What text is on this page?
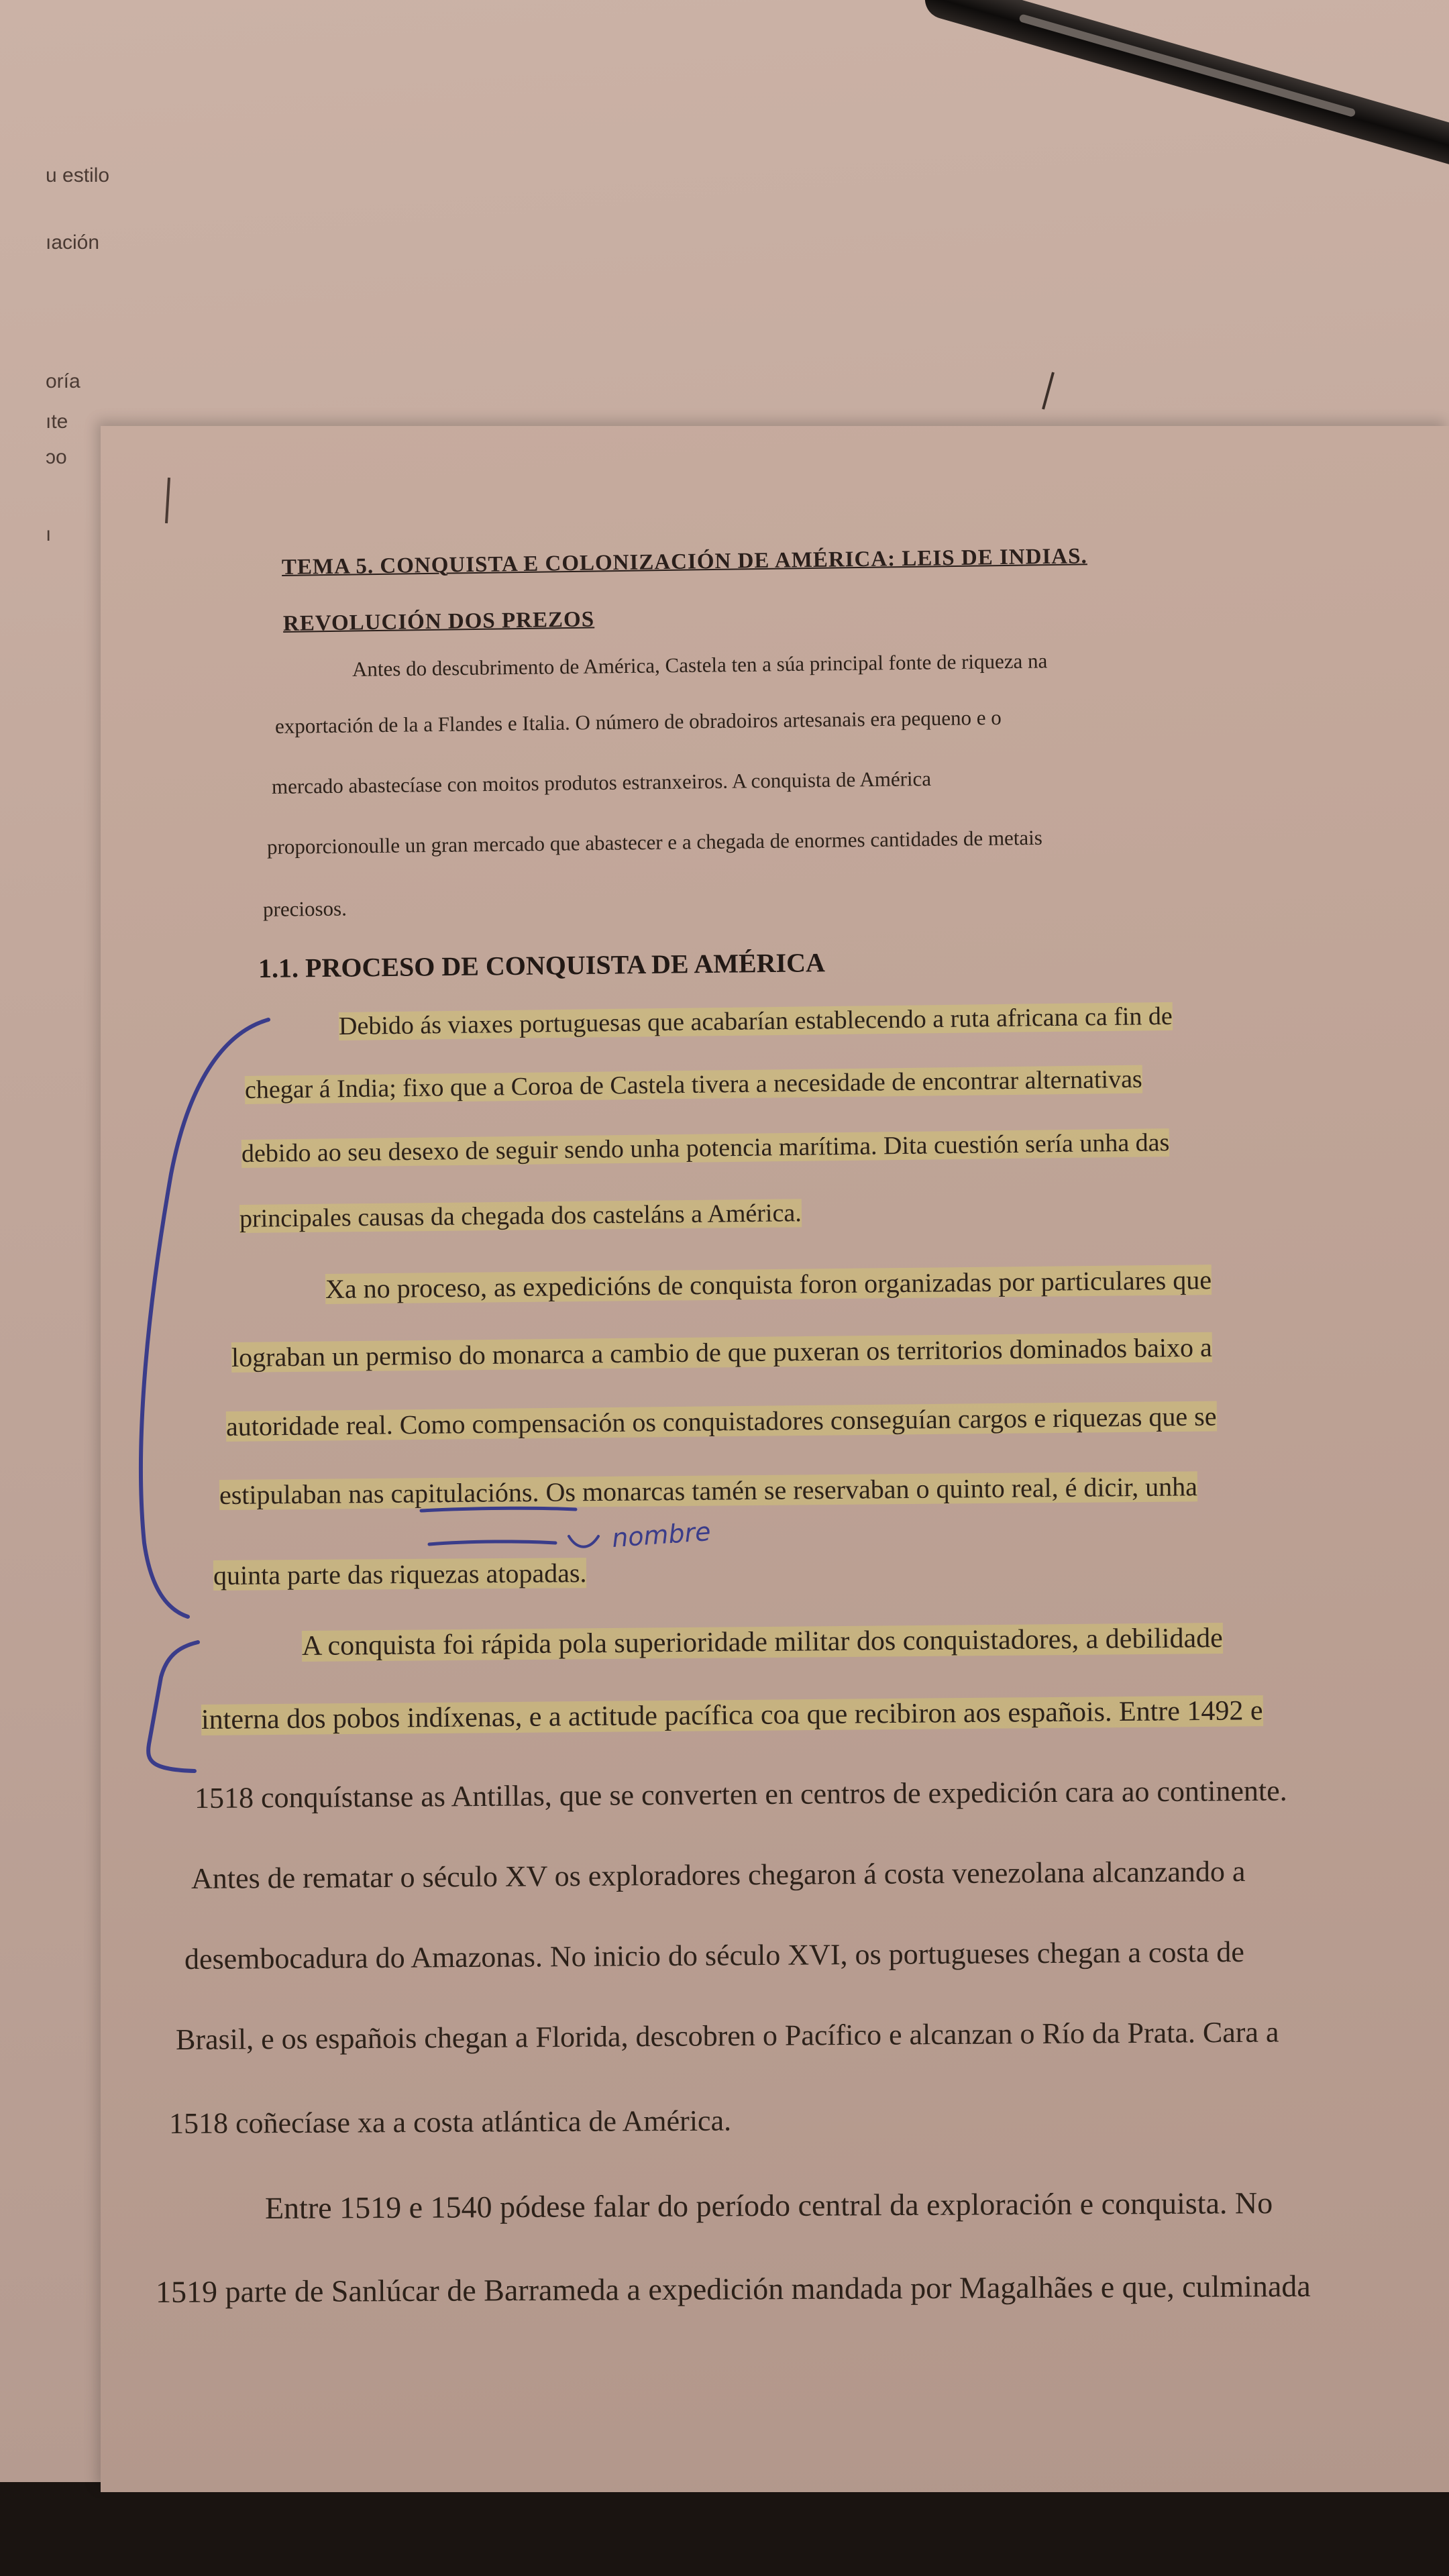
u estilo
ıación
oría
ıte
ɔo
ı
TEMA 5. CONQUISTA E COLONIZACIÓN DE AMÉRICA: LEIS DE INDIAS.
REVOLUCIÓN DOS PREZOS
Antes do descubrimento de América, Castela ten a súa principal fonte de riqueza na
exportación de la a Flandes e Italia. O número de obradoiros artesanais era pequeno e o
mercado abastecíase con moitos produtos estranxeiros. A conquista de América
proporcionoulle un gran mercado que abastecer e a chegada de enormes cantidades de metais
preciosos.
1.1. PROCESO DE CONQUISTA DE AMÉRICA
Debido ás viaxes portuguesas que acabarían establecendo a ruta africana ca fin de
chegar á India; fixo que a Coroa de Castela tivera a necesidade de encontrar alternativas
debido ao seu desexo de seguir sendo unha potencia marítima. Dita cuestión sería unha das
principales causas da chegada dos casteláns a América.
Xa no proceso, as expedicións de conquista foron organizadas por particulares que
lograban un permiso do monarca a cambio de que puxeran os territorios dominados baixo a
autoridade real. Como compensación os conquistadores conseguían cargos e riquezas que se
estipulaban nas capitulacións. Os monarcas tamén se reservaban o quinto real, é dicir, unha
quinta parte das riquezas atopadas.
nombre
A conquista foi rápida pola superioridade militar dos conquistadores, a debilidade
interna dos pobos indíxenas, e a actitude pacífica coa que recibiron aos españois. Entre 1492 e
1518 conquístanse as Antillas, que se converten en centros de expedición cara ao continente.
Antes de rematar o século XV os exploradores chegaron á costa venezolana alcanzando a
desembocadura do Amazonas. No inicio do século XVI, os portugueses chegan a costa de
Brasil, e os españois chegan a Florida, descobren o Pacífico e alcanzan o Río da Prata. Cara a
1518 coñecíase xa a costa atlántica de América.
Entre 1519 e 1540 pódese falar do período central da exploración e conquista. No
1519 parte de Sanlúcar de Barrameda a expedición mandada por Magalhães e que, culminada
